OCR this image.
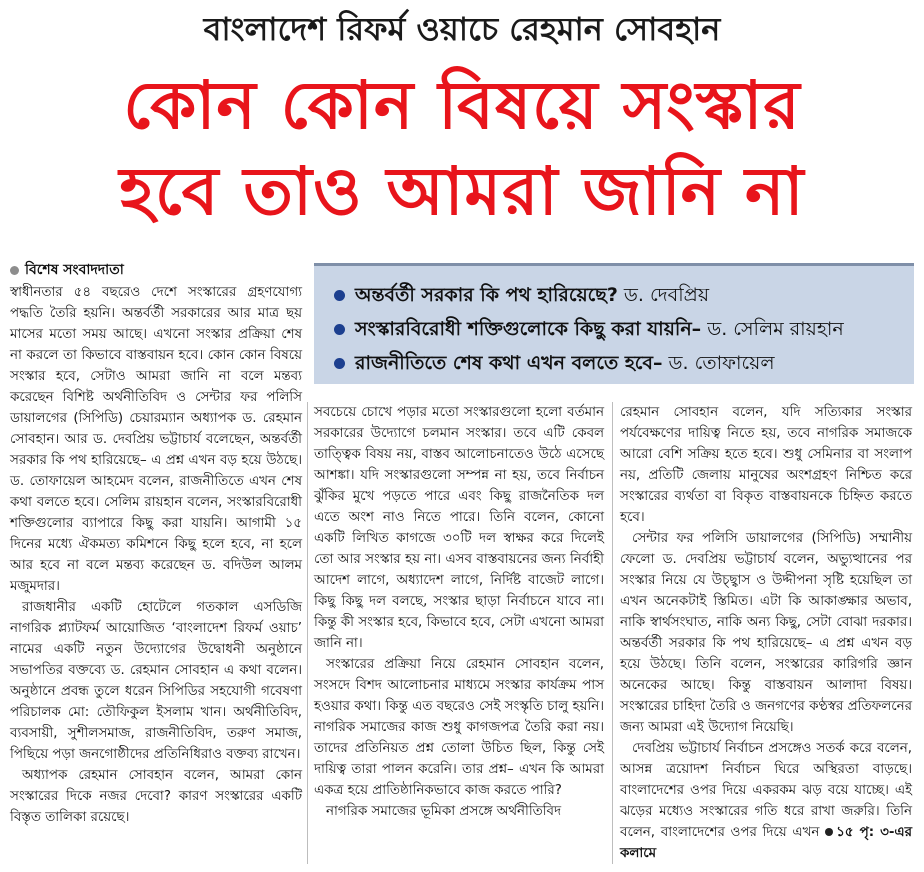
বাংলাদেশ রিফর্ম ওয়াচে রেহমান সোবহান
কোন কোন বিষয়ে সংস্কার
হবে তাও আমরা জানি না
বিশেষ সংবাদদাতা
অন্তর্বর্তী সরকার কি পথ হারিয়েছে? ড. দেবপ্রিয়
সংস্কারবিরোধী শক্তিগুলোকে কিছু করা যায়নি– ড. সেলিম রায়হান
রাজনীতিতে শেষ কথা এখন বলতে হবে– ড. তোফায়েল

স্বাধীনতার ৫৪ বছরেও দেশে সংস্কারের গ্রহণযোগ্য পদ্ধতি তৈরি হয়নি। অন্তর্বর্তী সরকারের আর মাত্র ছয় মাসের মতো সময় আছে। এখনো সংস্কার প্রক্রিয়া শেষ না করলে তা কিভাবে বাস্তবায়ন হবে। কোন কোন বিষয়ে সংস্কার হবে, সেটাও আমরা জানি না বলে মন্তব্য করেছেন বিশিষ্ট অর্থনীতিবিদ ও সেন্টার ফর পলিসি ডায়ালগের (সিপিডি) চেয়ারম্যান অধ্যাপক ড. রেহমান সোবহান। আর ড. দেবপ্রিয় ভট্টাচার্য বলেছেন, অন্তর্বর্তী সরকার কি পথ হারিয়েছে– এ প্রশ্ন এখন বড় হয়ে উঠছে। ড. তোফায়েল আহমেদ বলেন, রাজনীতিতে এখন শেষ কথা বলতে হবে। সেলিম রায়হান বলেন, সংস্কারবিরোধী শক্তিগুলোর ব্যাপারে কিছু করা যায়নি। আগামী ১৫ দিনের মধ্যে ঐকমত্য কমিশনে কিছু হলে হবে, না হলে আর হবে না বলে মন্তব্য করেছেন ড. বদিউল আলম মজুমদার।

রাজধানীর একটি হোটেলে গতকাল এসডিজি নাগরিক প্ল্যাটফর্ম আয়োজিত ‘বাংলাদেশ রিফর্ম ওয়াচ’ নামের একটি নতুন উদ্যোগের উদ্বোধনী অনুষ্ঠানে সভাপতির বক্তব্যে ড. রেহমান সোবহান এ কথা বলেন। অনুষ্ঠানে প্রবন্ধ তুলে ধরেন সিপিডির সহযোগী গবেষণা পরিচালক মো: তৌফিকুল ইসলাম খান। অর্থনীতিবিদ, ব্যবসায়ী, সুশীলসমাজ, রাজনীতিবিদ, তরুণ সমাজ, পিছিয়ে পড়া জনগোষ্ঠীদের প্রতিনিধিরাও বক্তব্য রাখেন।

অধ্যাপক রেহমান সোবহান বলেন, আমরা কোন সংস্কারের দিকে নজর দেবো? কারণ সংস্কারের একটি বিস্তৃত তালিকা রয়েছে।

সবচেয়ে চোখে পড়ার মতো সংস্কারগুলো হলো বর্তমান সরকারের উদ্যোগে চলমান সংস্কার। তবে এটি কেবল তাত্ত্বিক বিষয় নয়, বাস্তব আলোচনাতেও উঠে এসেছে আশঙ্কা। যদি সংস্কারগুলো সম্পন্ন না হয়, তবে নির্বাচন ঝুঁকির মুখে পড়তে পারে এবং কিছু রাজনৈতিক দল এতে অংশ নাও নিতে পারে। তিনি বলেন, কোনো একটি লিখিত কাগজে ৩০টি দল স্বাক্ষর করে দিলেই তো আর সংস্কার হয় না। এসব বাস্তবায়নের জন্য নির্বাহী আদেশ লাগে, অধ্যাদেশ লাগে, নির্দিষ্ট বাজেট লাগে। কিছু কিছু দল বলছে, সংস্কার ছাড়া নির্বাচনে যাবে না। কিন্তু কী সংস্কার হবে, কিভাবে হবে, সেটা এখনো আমরা জানি না।

সংস্কারের প্রক্রিয়া নিয়ে রেহমান সোবহান বলেন, সংসদে বিশদ আলোচনার মাধ্যমে সংস্কার কার্যক্রম পাস হওয়ার কথা। কিন্তু এত বছরেও সেই সংস্কৃতি চালু হয়নি। নাগরিক সমাজের কাজ শুধু কাগজপত্র তৈরি করা নয়। তাদের প্রতিনিয়ত প্রশ্ন তোলা উচিত ছিল, কিন্তু সেই দায়িত্ব তারা পালন করেনি। তার প্রশ্ন– এখন কি আমরা একত্র হয়ে প্রাতিষ্ঠানিকভাবে কাজ করতে পারি?

নাগরিক সমাজের ভূমিকা প্রসঙ্গে অর্থনীতিবিদ

রেহমান সোবহান বলেন, যদি সত্যিকার সংস্কার পর্যবেক্ষণের দায়িত্ব নিতে হয়, তবে নাগরিক সমাজকে আরো বেশি সক্রিয় হতে হবে। শুধু সেমিনার বা সংলাপ নয়, প্রতিটি জেলায় মানুষের অংশগ্রহণ নিশ্চিত করে সংস্কারের ব্যর্থতা বা বিকৃত বাস্তবায়নকে চিহ্নিত করতে হবে।

সেন্টার ফর পলিসি ডায়ালগের (সিপিডি) সম্মানীয় ফেলো ড. দেবপ্রিয় ভট্টাচার্য বলেন, অভ্যুত্থানের পর সংস্কার নিয়ে যে উচ্ছ্বাস ও উদ্দীপনা সৃষ্টি হয়েছিল তা এখন অনেকটাই স্তিমিত। এটা কি আকাঙ্ক্ষার অভাব, নাকি স্বার্থসংঘাত, নাকি অন্য কিছু, সেটা বোঝা দরকার। অন্তর্বর্তী সরকার কি পথ হারিয়েছে– এ প্রশ্ন এখন বড় হয়ে উঠছে। তিনি বলেন, সংস্কারের কারিগরি জ্ঞান অনেকের আছে। কিন্তু বাস্তবায়ন আলাদা বিষয়। সংস্কারের চাহিদা তৈরি ও জনগণের কণ্ঠস্বর প্রতিফলনের জন্য আমরা এই উদ্যোগ নিয়েছি।

দেবপ্রিয় ভট্টাচার্য নির্বাচন প্রসঙ্গেও সতর্ক করে বলেন, আসন্ন ত্রয়োদশ নির্বাচন ঘিরে অস্থিরতা বাড়ছে। বাংলাদেশের ওপর দিয়ে একরকম ঝড় বয়ে যাচ্ছে। এই ঝড়ের মধ্যেও সংস্কারের গতি ধরে রাখা জরুরি। তিনি বলেন, বাংলাদেশের ওপর দিয়ে এখন ১৫ পৃ: ৩-এর কলামে
